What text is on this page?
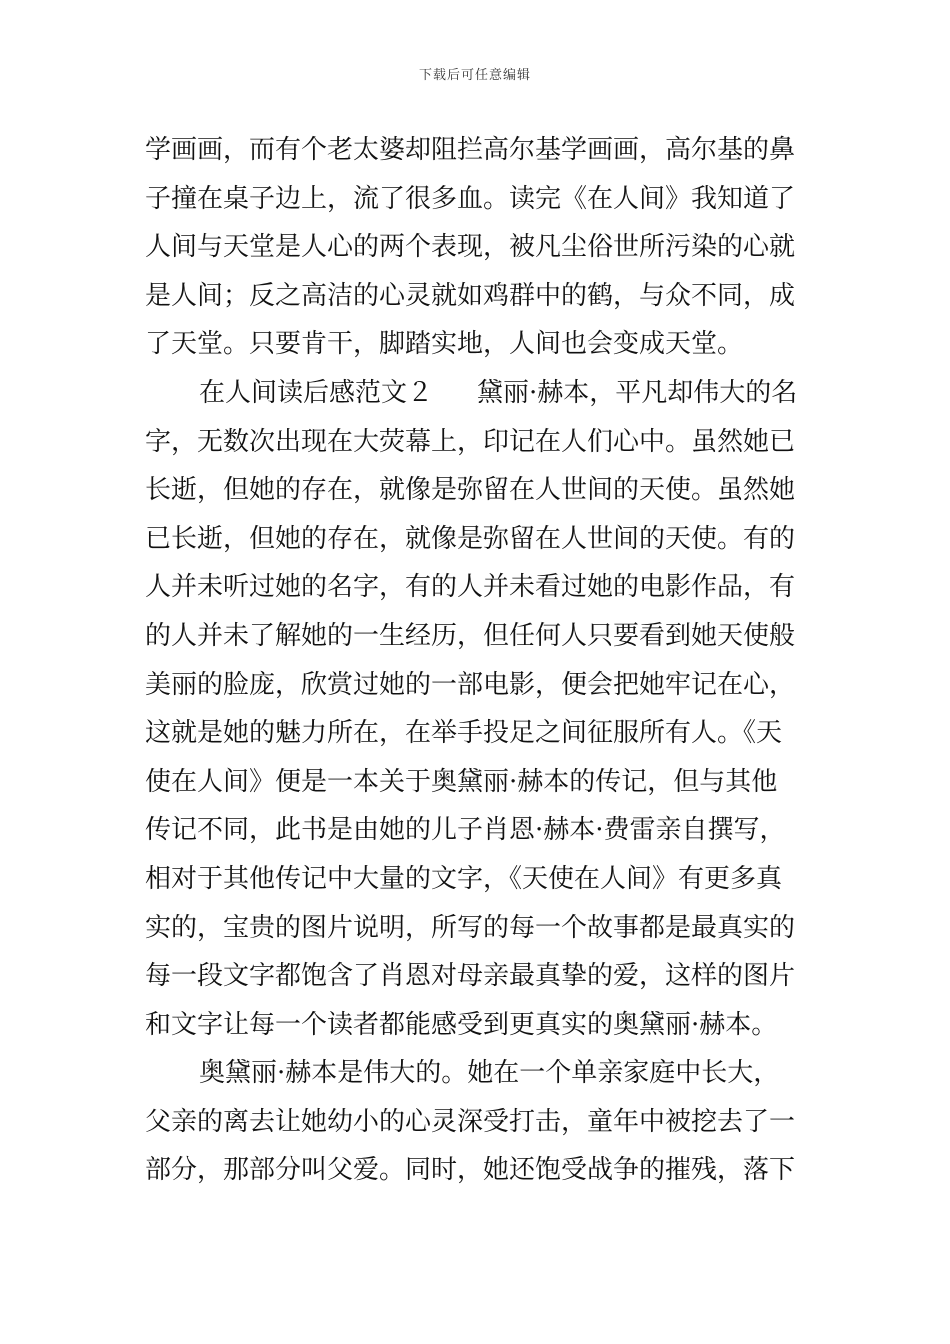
下载后可任意编辑
学画画，而有个老太婆却阻拦高尔基学画画，高尔基的鼻
子撞在桌子边上，流了很多血。读完《在人间》我知道了
人间与天堂是人心的两个表现，被凡尘俗世所污染的心就
是人间；反之高洁的心灵就如鸡群中的鹤，与众不同，成
了天堂。只要肯干，脚踏实地，人间也会变成天堂。
在人间读后感范文２ 黛丽·赫本，平凡却伟大的名
字，无数次出现在大荧幕上，印记在人们心中。虽然她已
长逝，但她的存在，就像是弥留在人世间的天使。虽然她
已长逝，但她的存在，就像是弥留在人世间的天使。有的
人并未听过她的名字，有的人并未看过她的电影作品，有
的人并未了解她的一生经历，但任何人只要看到她天使般
美丽的脸庞，欣赏过她的一部电影，便会把她牢记在心，
这就是她的魅力所在，在举手投足之间征服所有人。《天
使在人间》便是一本关于奥黛丽·赫本的传记，但与其他
传记不同，此书是由她的儿子肖恩·赫本·费雷亲自撰写，
相对于其他传记中大量的文字，《天使在人间》有更多真
实的，宝贵的图片说明，所写的每一个故事都是最真实的
每一段文字都饱含了肖恩对母亲最真挚的爱，这样的图片
和文字让每一个读者都能感受到更真实的奥黛丽·赫本。
奥黛丽·赫本是伟大的。她在一个单亲家庭中长大，
父亲的离去让她幼小的心灵深受打击，童年中被挖去了一
部分，那部分叫父爱。同时，她还饱受战争的摧残，落下
